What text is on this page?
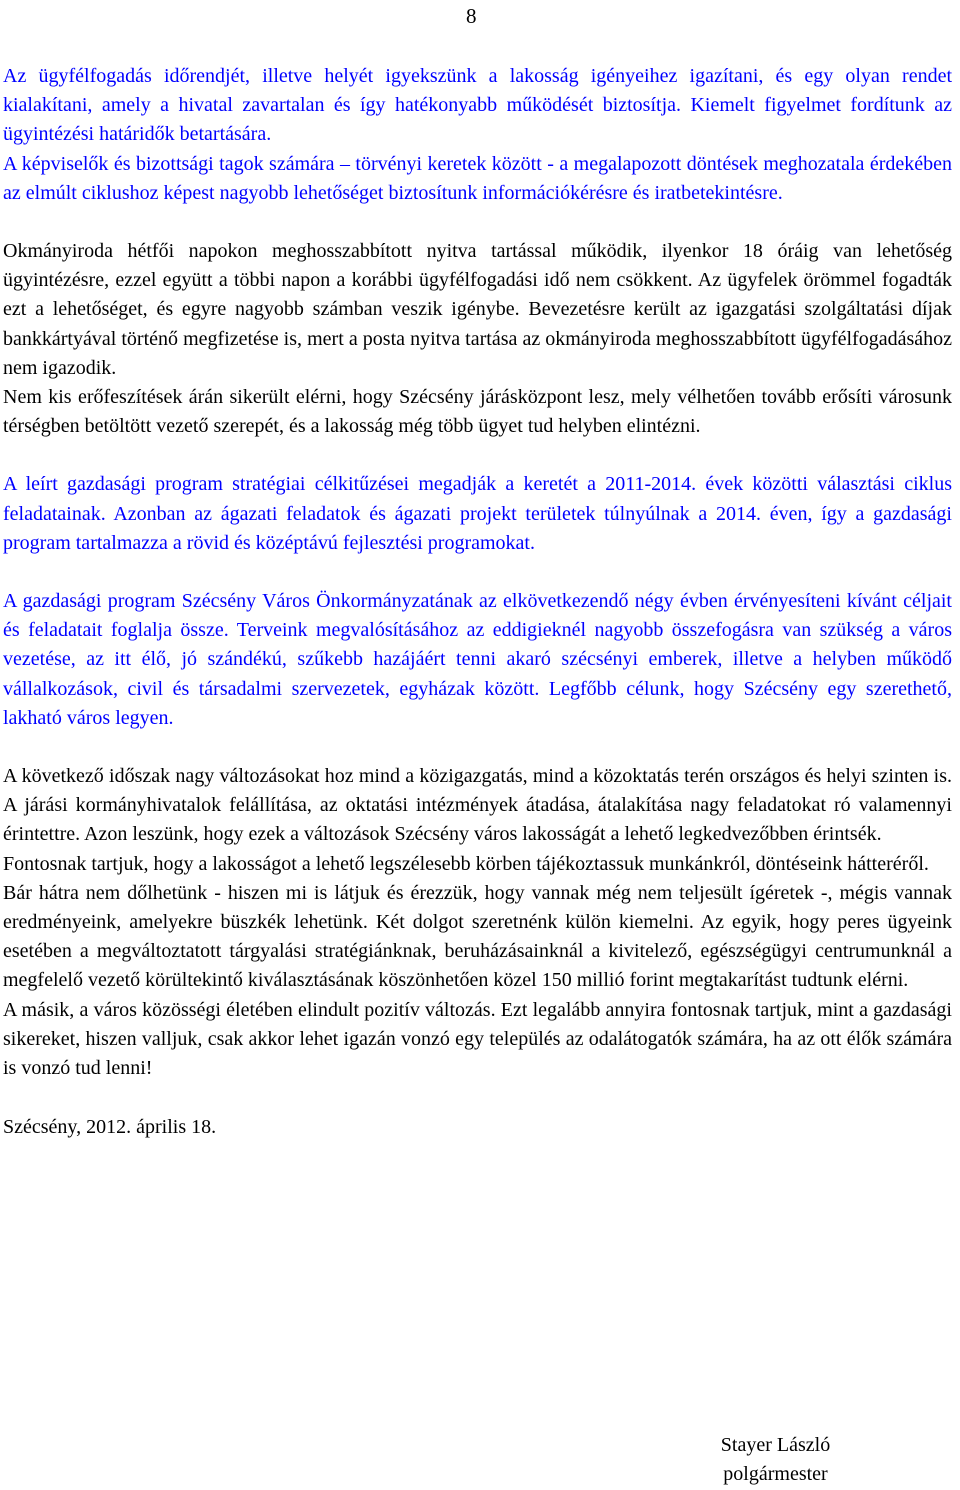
8

Az ügyfélfogadás időrendjét, illetve helyét igyekszünk a lakosság igényeihez igazítani, és egy olyan rendet kialakítani, amely a hivatal zavartalan és így hatékonyabb működését biztosítja. Kiemelt figyelmet fordítunk az ügyintézési határidők betartására.

A képviselők és bizottsági tagok számára – törvényi keretek között - a megalapozott döntések meghozatala érdekében az elmúlt ciklushoz képest nagyobb lehetőséget biztosítunk információkérésre és iratbetekintésre.

Okmányiroda hétfői napokon meghosszabbított nyitva tartással működik, ilyenkor 18 óráig van lehetőség ügyintézésre, ezzel együtt a többi napon a korábbi ügyfélfogadási idő nem csökkent. Az ügyfelek örömmel fogadták ezt a lehetőséget, és egyre nagyobb számban veszik igénybe. Bevezetésre került az igazgatási szolgáltatási díjak bankkártyával történő megfizetése is, mert a posta nyitva tartása az okmányiroda meghosszabbított ügyfélfogadásához nem igazodik.

Nem kis erőfeszítések árán sikerült elérni, hogy Szécsény járásközpont lesz, mely vélhetően tovább erősíti városunk térségben betöltött vezető szerepét, és a lakosság még több ügyet tud helyben elintézni.

A leírt gazdasági program stratégiai célkitűzései megadják a keretét a 2011-2014. évek közötti választási ciklus feladatainak. Azonban az ágazati feladatok és ágazati projekt területek túlnyúlnak a 2014. éven, így a gazdasági program tartalmazza a rövid és középtávú fejlesztési programokat.

A gazdasági program Szécsény Város Önkormányzatának az elkövetkezendő négy évben érvényesíteni kívánt céljait és feladatait foglalja össze. Terveink megvalósításához az eddigieknél nagyobb összefogásra van szükség a város vezetése, az itt élő, jó szándékú, szűkebb hazájáért tenni akaró szécsényi emberek, illetve a helyben működő vállalkozások, civil és társadalmi szervezetek, egyházak között. Legfőbb célunk, hogy Szécsény egy szerethető, lakható város legyen.

A következő időszak nagy változásokat hoz mind a közigazgatás, mind a közoktatás terén országos és helyi szinten is. A járási kormányhivatalok felállítása, az oktatási intézmények átadása, átalakítása nagy feladatokat ró valamennyi érintettre. Azon leszünk, hogy ezek a változások Szécsény város lakosságát a lehető legkedvezőbben érintsék.

Fontosnak tartjuk, hogy a lakosságot a lehető legszélesebb körben tájékoztassuk munkánkról, döntéseink hátteréről.

Bár hátra nem dőlhetünk - hiszen mi is látjuk és érezzük, hogy vannak még nem teljesült ígéretek -, mégis vannak eredményeink, amelyekre büszkék lehetünk. Két dolgot szeretnénk külön kiemelni. Az egyik, hogy peres ügyeink esetében a megváltoztatott tárgyalási stratégiánknak, beruházásainknál a kivitelező, egészségügyi centrumunknál a megfelelő vezető körültekintő kiválasztásának köszönhetően közel 150 millió forint megtakarítást tudtunk elérni.

A másik, a város közösségi életében elindult pozitív változás. Ezt legalább annyira fontosnak tartjuk, mint a gazdasági sikereket, hiszen valljuk, csak akkor lehet igazán vonzó egy település az odalátogatók számára, ha az ott élők számára is vonzó tud lenni!

Szécsény, 2012. április 18.

Stayer László
polgármester
